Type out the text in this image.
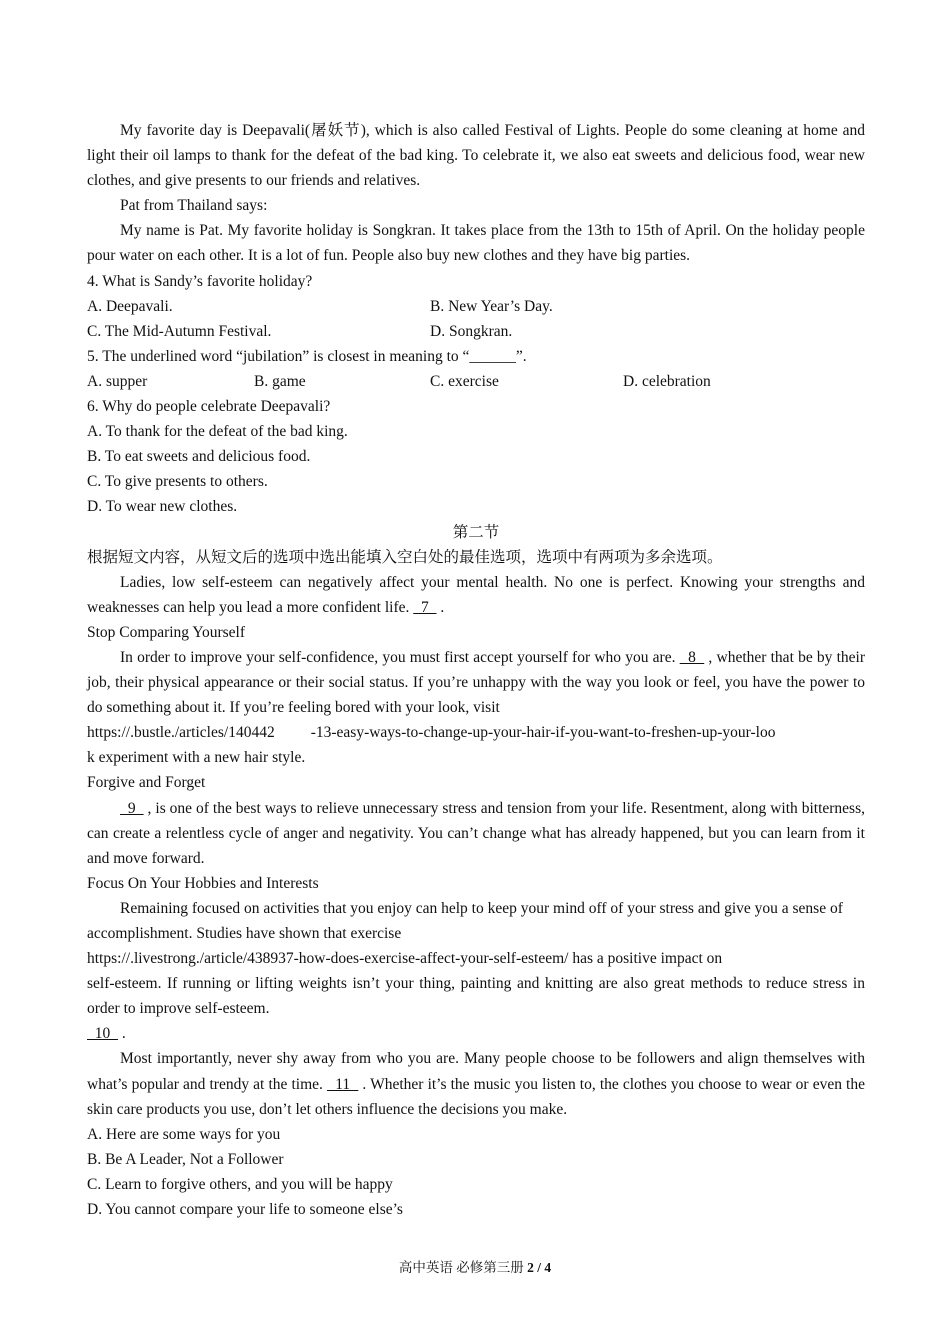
My favorite day is Deepavali(屠妖节), which is also called Festival of Lights. People do some cleaning at home and light their oil lamps to thank for the defeat of the bad king. To celebrate it, we also eat sweets and delicious food, wear new clothes, and give presents to our friends and relatives.

Pat from Thailand says:

My name is Pat. My favorite holiday is Songkran. It takes place from the 13th to 15th of April. On the holiday people pour water on each other. It is a lot of fun. People also buy new clothes and they have big parties.

4. What is Sandy’s favorite holiday?

A. Deepavali.	B. New Year’s Day.
C. The Mid-Autumn Festival.	D. Songkran.

5. The underlined word “jubilation” is closest in meaning to “______”.

A. supper	B. game	C. exercise	D. celebration

6. Why do people celebrate Deepavali?

A. To thank for the defeat of the bad king.

B. To eat sweets and delicious food.

C. To give presents to others.

D. To wear new clothes.

第二节

根据短文内容，从短文后的选项中选出能填入空白处的最佳选项，选项中有两项为多余选项。

Ladies, low self-esteem can negatively affect your mental health. No one is perfect. Knowing your strengths and weaknesses can help you lead a more confident life.   7   .

Stop Comparing Yourself

In order to improve your self-confidence, you must first accept yourself for who you are.   8   , whether that be by their job, their physical appearance or their social status. If you’re unhappy with the way you look or feel, you have the power to do something about it. If you’re feeling bored with your look, visit

https://.bustle./articles/140442 -13-easy-ways-to-change-up-your-hair-if-you-want-to-freshen-up-your-loo

k experiment with a new hair style.

Forgive and Forget

9   , is one of the best ways to relieve unnecessary stress and tension from your life. Resentment, along with bitterness, can create a relentless cycle of anger and negativity. You can’t change what has already happened, but you can learn from it and move forward.

Focus On Your Hobbies and Interests

Remaining focused on activities that you enjoy can help to keep your mind off of your stress and give you a sense of accomplishment. Studies have shown that exercise

https://.livestrong./article/438937-how-does-exercise-affect-your-self-esteem/ has a positive impact on

self-esteem. If running or lifting weights isn’t your thing, painting and knitting are also great methods to reduce stress in order to improve self-esteem.

10   .

Most importantly, never shy away from who you are. Many people choose to be followers and align themselves with what’s popular and trendy at the time.   11   . Whether it’s the music you listen to, the clothes you choose to wear or even the skin care products you use, don’t let others influence the decisions you make.

A. Here are some ways for you

B. Be A Leader, Not a Follower

C. Learn to forgive others, and you will be happy

D. You cannot compare your life to someone else’s

高中英语 必修第三册 2 / 4
